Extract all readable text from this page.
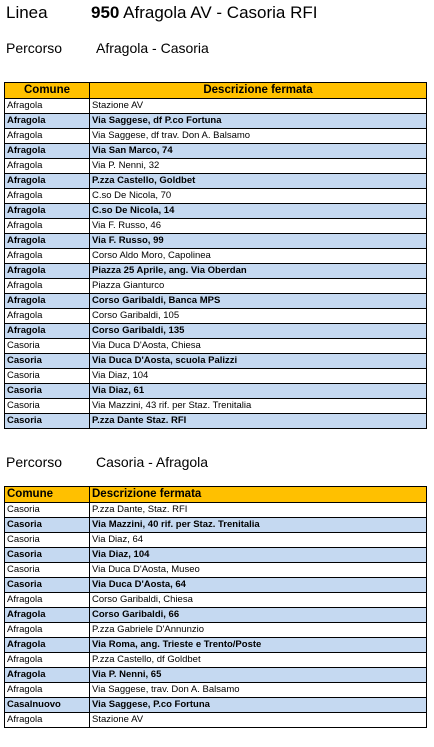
Linea	950 Afragola AV - Casoria RFI
Percorso Afragola - Casoria
Comune	Descrizione fermata
Afragola	Stazione AV
Afragola	Via Saggese, df P.co Fortuna
Afragola	Via Saggese, df trav. Don A. Balsamo
Afragola	Via San Marco, 74
Afragola	Via P. Nenni, 32
Afragola	P.zza Castello, Goldbet
Afragola	C.so De Nicola, 70
Afragola	C.so De Nicola, 14
Afragola	Via F. Russo, 46
Afragola	Via F. Russo, 99
Afragola	Corso Aldo Moro, Capolinea
Afragola	Piazza 25 Aprile, ang. Via Oberdan
Afragola	Piazza Gianturco
Afragola	Corso Garibaldi, Banca MPS
Afragola	Corso Garibaldi, 105
Afragola	Corso Garibaldi, 135
Casoria	Via Duca D'Aosta, Chiesa
Casoria	Via Duca D'Aosta, scuola Palizzi
Casoria	Via Diaz, 104
Casoria	Via Diaz, 61
Casoria	Via Mazzini, 43 rif. per Staz. Trenitalia
Casoria	P.zza Dante Staz. RFI
Percorso Casoria - Afragola
Comune	Descrizione fermata
Casoria	P.zza Dante, Staz. RFI
Casoria	Via Mazzini, 40 rif. per Staz. Trenitalia
Casoria	Via Diaz, 64
Casoria	Via Diaz, 104
Casoria	Via Duca D'Aosta, Museo
Casoria	Via Duca D'Aosta, 64
Afragola	Corso Garibaldi, Chiesa
Afragola	Corso Garibaldi, 66
Afragola	P.zza Gabriele D'Annunzio
Afragola	Via Roma, ang. Trieste e Trento/Poste
Afragola	P.zza Castello, df Goldbet
Afragola	Via P. Nenni, 65
Afragola	Via Saggese, trav. Don A. Balsamo
Casalnuovo	Via Saggese, P.co Fortuna
Afragola	Stazione AV
